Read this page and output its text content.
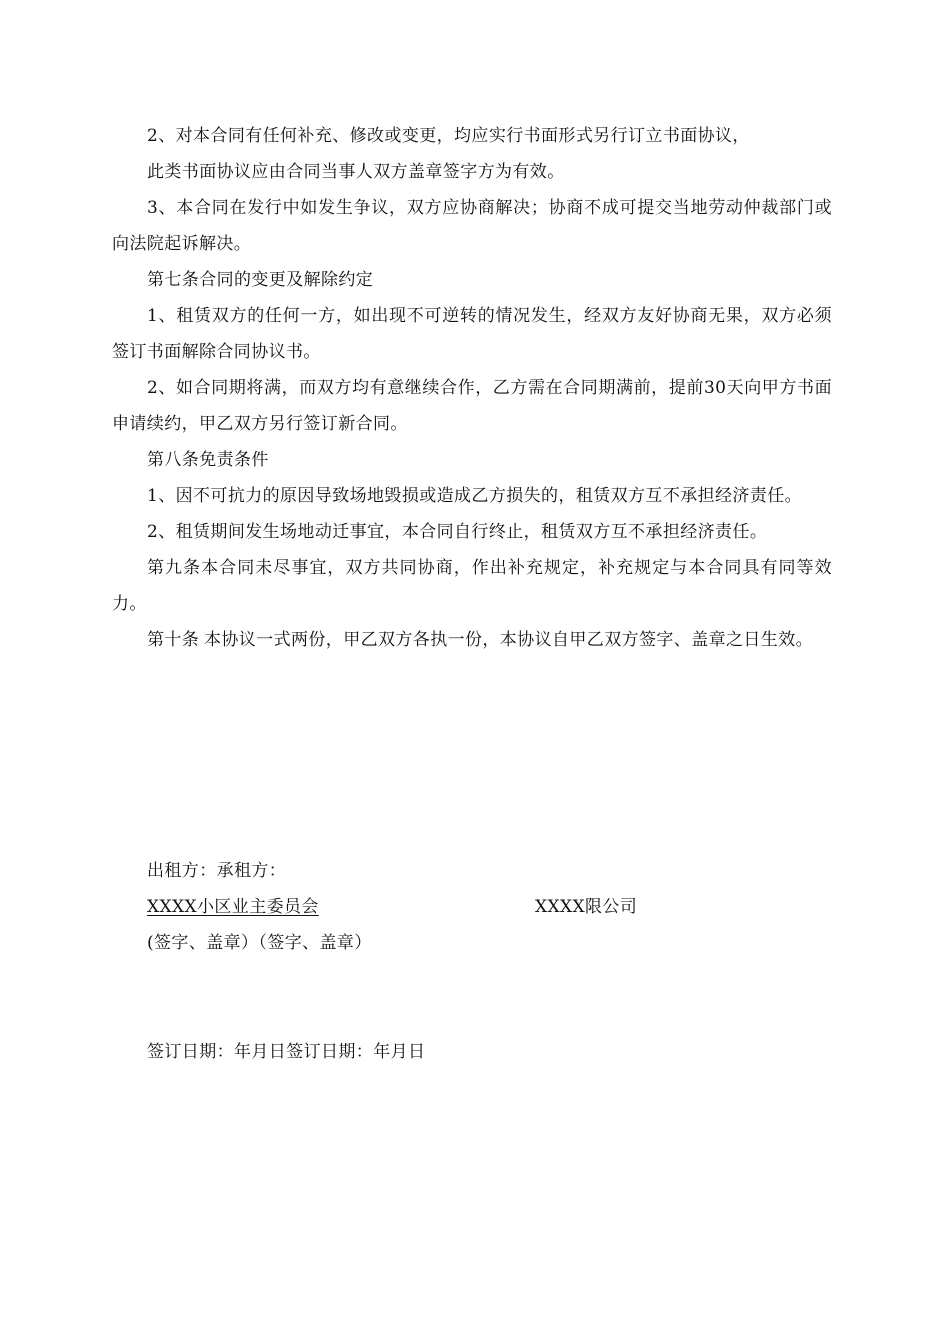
2、对本合同有任何补充、修改或变更，均应实行书面形式另行订立书面协议，

此类书面协议应由合同当事人双方盖章签字方为有效。

3、本合同在发行中如发生争议，双方应协商解决；协商不成可提交当地劳动仲裁部门或向法院起诉解决。

第七条合同的变更及解除约定

1、租赁双方的任何一方，如出现不可逆转的情况发生，经双方友好协商无果，双方必须签订书面解除合同协议书。

2、如合同期将满，而双方均有意继续合作，乙方需在合同期满前，提前30天向甲方书面申请续约，甲乙双方另行签订新合同。

第八条免责条件

1、因不可抗力的原因导致场地毁损或造成乙方损失的，租赁双方互不承担经济责任。

2、租赁期间发生场地动迁事宜，本合同自行终止，租赁双方互不承担经济责任。

第九条本合同未尽事宜，双方共同协商，作出补充规定，补充规定与本合同具有同等效力。

第十条 本协议一式两份，甲乙双方各执一份，本协议自甲乙双方签字、盖章之日生效。

出租方：承租方：
XXXX小区业主委员会	XXXX限公司
(签字、盖章）（签字、盖章）
签订日期：年月日签订日期：年月日
